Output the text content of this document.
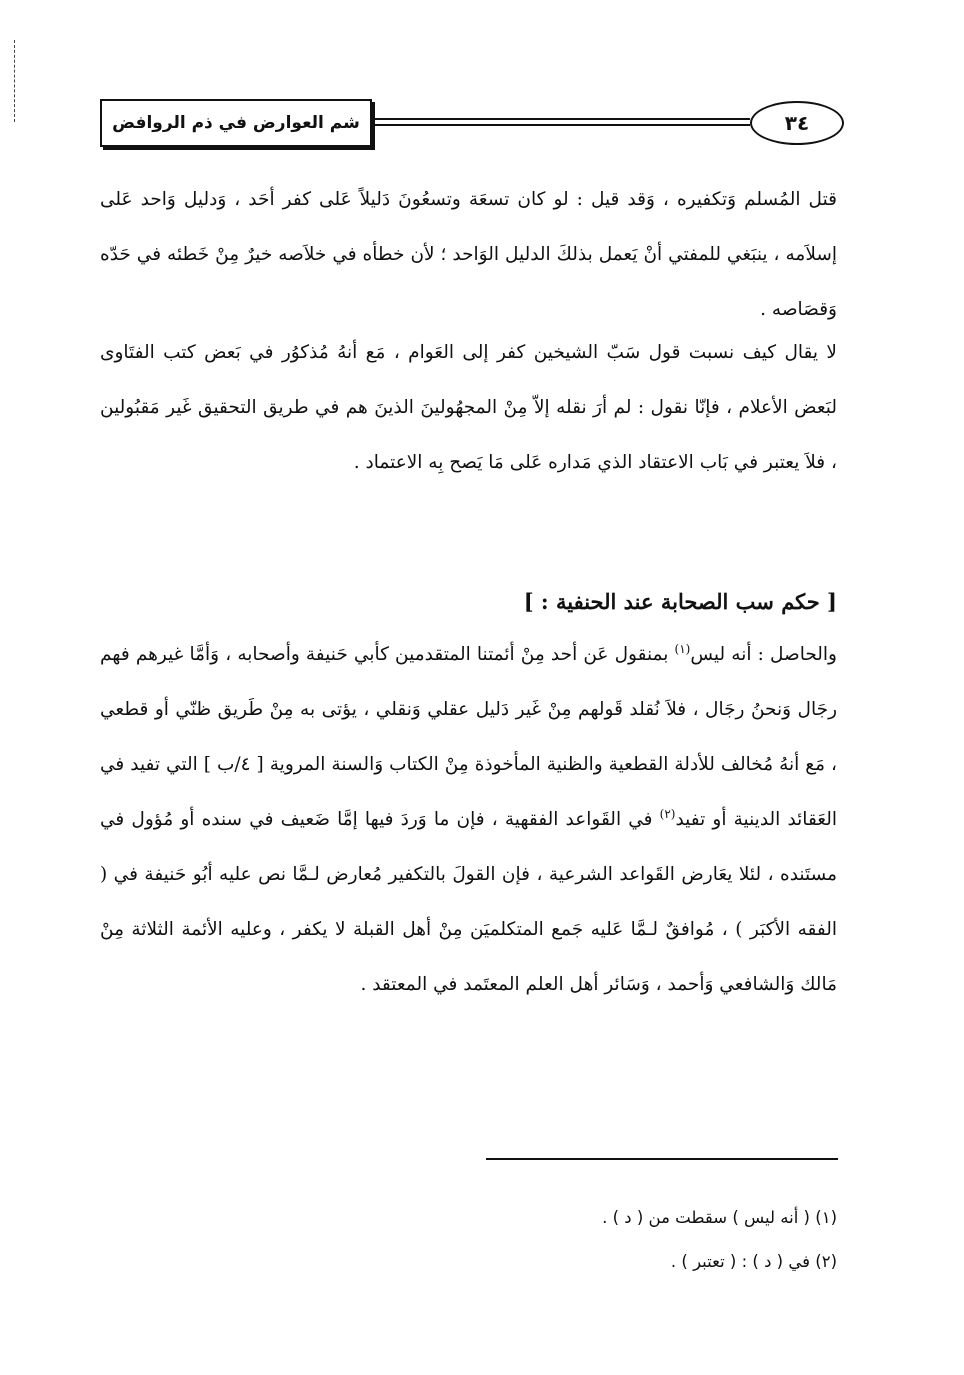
شم العوارض في ذم الروافض	٣٤

قتل المُسلم وَتكفيره ، وَقد قيل : لو كان تسعَة وتسعُونَ دَليلاً عَلى كفر أحَد ، وَدليل وَاحد عَلى إسلاَمه ، ينبَغي للمفتي أنْ يَعمل بذلكَ الدليل الوَاحد ؛ لأن خطأه في خلاَصه خيرٌ مِنْ خَطئه في حَدّه وَقصَاصه .

لا يقال كيف نسبت قول سَبّ الشيخين كفر إلى العَوام ، مَع أنهُ مُذكوُر في بَعض كتب الفتَاوى لبَعض الأعلام ، فإنّا نقول : لم أرَ نقله إلاّ مِنْ المجهُولينَ الذينَ هم في طريق التحقيق غَير مَقبُولين ، فلاَ يعتبر في بَاب الاعتقاد الذي مَداره عَلى مَا يَصح بِه الاعتماد .

[ حكم سب الصحابة عند الحنفية : ]

والحاصل : أنه ليس$^{(١)}$ بمنقول عَن أحد مِنْ أئمتنا المتقدمين كأبي حَنيفة وأصحابه ، وَأمَّا غيرهم فهم رجَال وَنحنُ رجَال ، فلاَ نُقلد قَولهم مِنْ غَير دَليل عقلي وَنقلي ، يؤتى به مِنْ طَريق ظنّي أو قطعي ، مَع أنهُ مُخالف للأدلة القطعية والظنية المأخوذة مِنْ الكتاب وَالسنة المروية [ ٤/ب ] التي تفيد في العَقائد الدينية أو تفيد$^{(٢)}$ في القَواعد الفقهية ، فإن ما وَردَ فيها إمَّا ضَعيف في سنده أو مُؤول في مستَنده ، لئلا يعَارض القَواعد الشرعية ، فإن القولَ بالتكفير مُعارض لـمَّا نص عليه أبُو حَنيفة في ( الفقه الأكبَر ) ، مُوافقٌ لـمَّا عَليه جَمع المتكلميَن مِنْ أهل القبلة لا يكفر ، وعليه الأئمة الثلاثة مِنْ مَالك وَالشافعي وَأحمد ، وَسَائر أهل العلم المعتَمد في المعتقد .

(١) ( أنه ليس ) سقطت من ( د ) .
(٢) في ( د ) : ( تعتبر ) .
